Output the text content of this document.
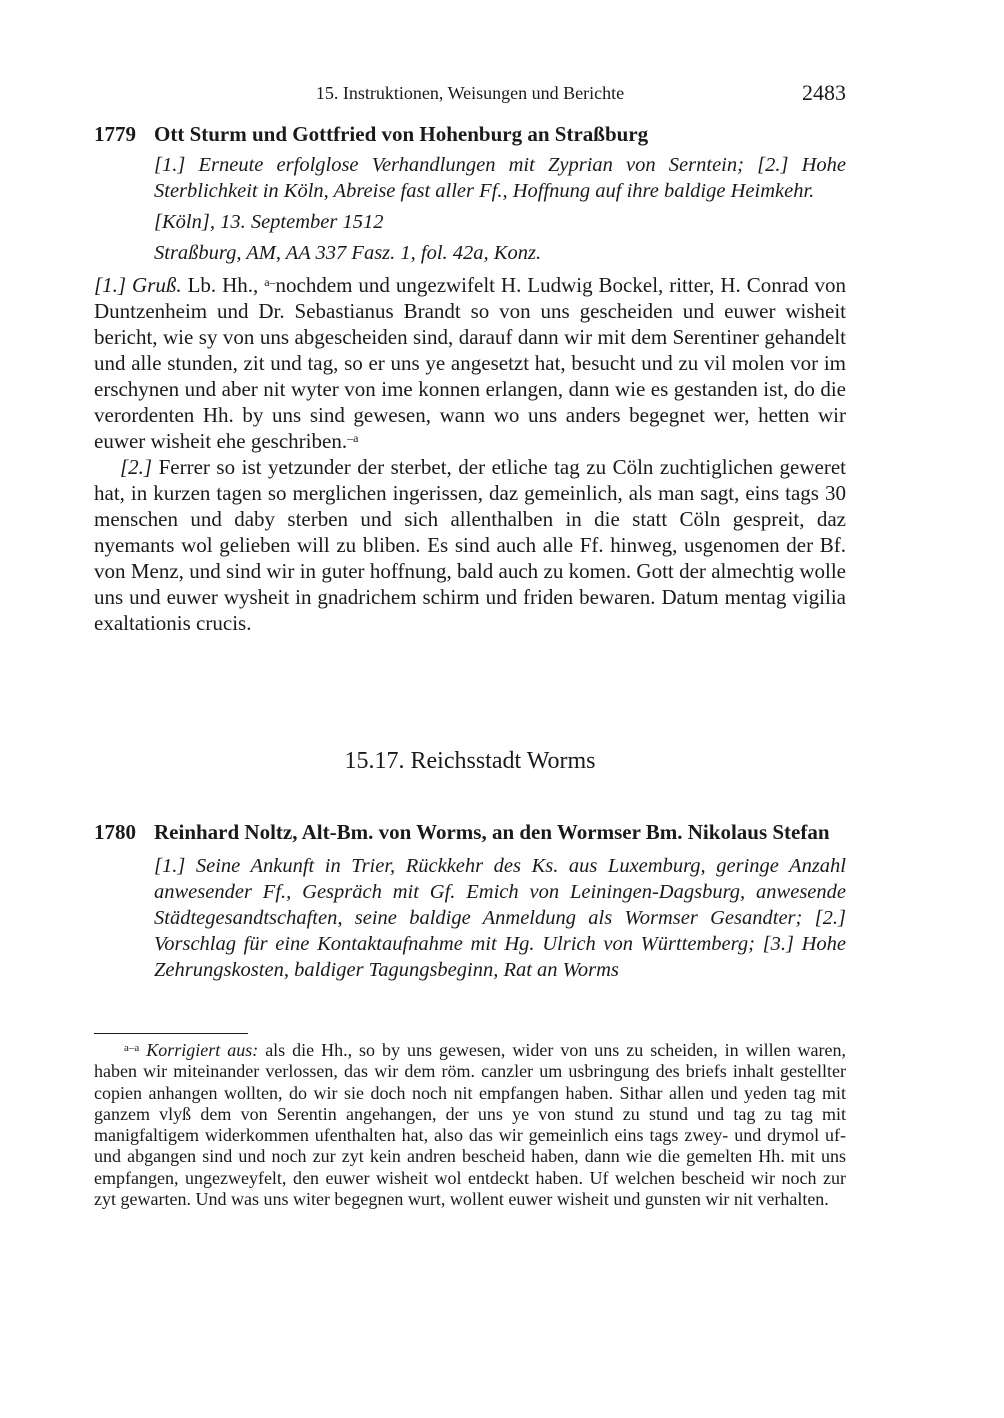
15. Instruktionen, Weisungen und Berichte	2483
1779 Ott Sturm und Gottfried von Hohenburg an Straßburg
[1.] Erneute erfolglose Verhandlungen mit Zyprian von Serntein; [2.] Hohe Sterblichkeit in Köln, Abreise fast aller Ff., Hoffnung auf ihre baldige Heimkehr.
[Köln], 13. September 1512
Straßburg, AM, AA 337 Fasz. 1, fol. 42a, Konz.

[1.] Gruß. Lb. Hh., $^{a-}$nochdem und ungezwifelt H. Ludwig Bockel, ritter, H. Conrad von Duntzenheim und Dr. Sebastianus Brandt so von uns gescheiden und euwer wisheit bericht, wie sy von uns abgescheiden sind, darauf dann wir mit dem Serentiner gehandelt und alle stunden, zit und tag, so er uns ye angesetzt hat, besucht und zu vil molen vor im erschynen und aber nit wyter von ime konnen erlangen, dann wie es gestanden ist, do die verordenten Hh. by uns sind gewesen, wann wo uns anders begegnet wer, hetten wir euwer wisheit ehe geschriben.$^{-a}$

[2.] Ferrer so ist yetzunder der sterbet, der etliche tag zu Cöln zuchtiglichen geweret hat, in kurzen tagen so merglichen ingerissen, daz gemeinlich, als man sagt, eins tags 30 menschen und daby sterben und sich allenthalben in die statt Cöln gespreit, daz nyemants wol gelieben will zu bliben. Es sind auch alle Ff. hinweg, usgenomen der Bf. von Menz, und sind wir in guter hoffnung, bald auch zu komen. Gott der almechtig wolle uns und euwer wysheit in gnadrichem schirm und friden bewaren. Datum mentag vigilia exaltationis crucis.

15.17. Reichsstadt Worms
1780 Reinhard Noltz, Alt-Bm. von Worms, an den Wormser Bm. Nikolaus Stefan
[1.] Seine Ankunft in Trier, Rückkehr des Ks. aus Luxemburg, geringe Anzahl anwesender Ff., Gespräch mit Gf. Emich von Leiningen-Dagsburg, anwesende Städtegesandtschaften, seine baldige Anmeldung als Wormser Gesandter; [2.] Vorschlag für eine Kontaktaufnahme mit Hg. Ulrich von Württemberg; [3.] Hohe Zehrungskosten, baldiger Tagungsbeginn, Rat an Worms
$^{a-a}$ Korrigiert aus: als die Hh., so by uns gewesen, wider von uns zu scheiden, in willen waren, haben wir miteinander verlossen, das wir dem röm. canzler um usbringung des briefs inhalt gestellter copien anhangen wollten, do wir sie doch noch nit empfangen haben. Sithar allen und yeden tag mit ganzem vlyß dem von Serentin angehangen, der uns ye von stund zu stund und tag zu tag mit manigfaltigem widerkommen ufenthalten hat, also das wir gemeinlich eins tags zwey- und drymol uf- und abgangen sind und noch zur zyt kein andren bescheid haben, dann wie die gemelten Hh. mit uns empfangen, ungezweyfelt, den euwer wisheit wol entdeckt haben. Uf welchen bescheid wir noch zur zyt gewarten. Und was uns witer begegnen wurt, wollent euwer wisheit und gunsten wir nit verhalten.
